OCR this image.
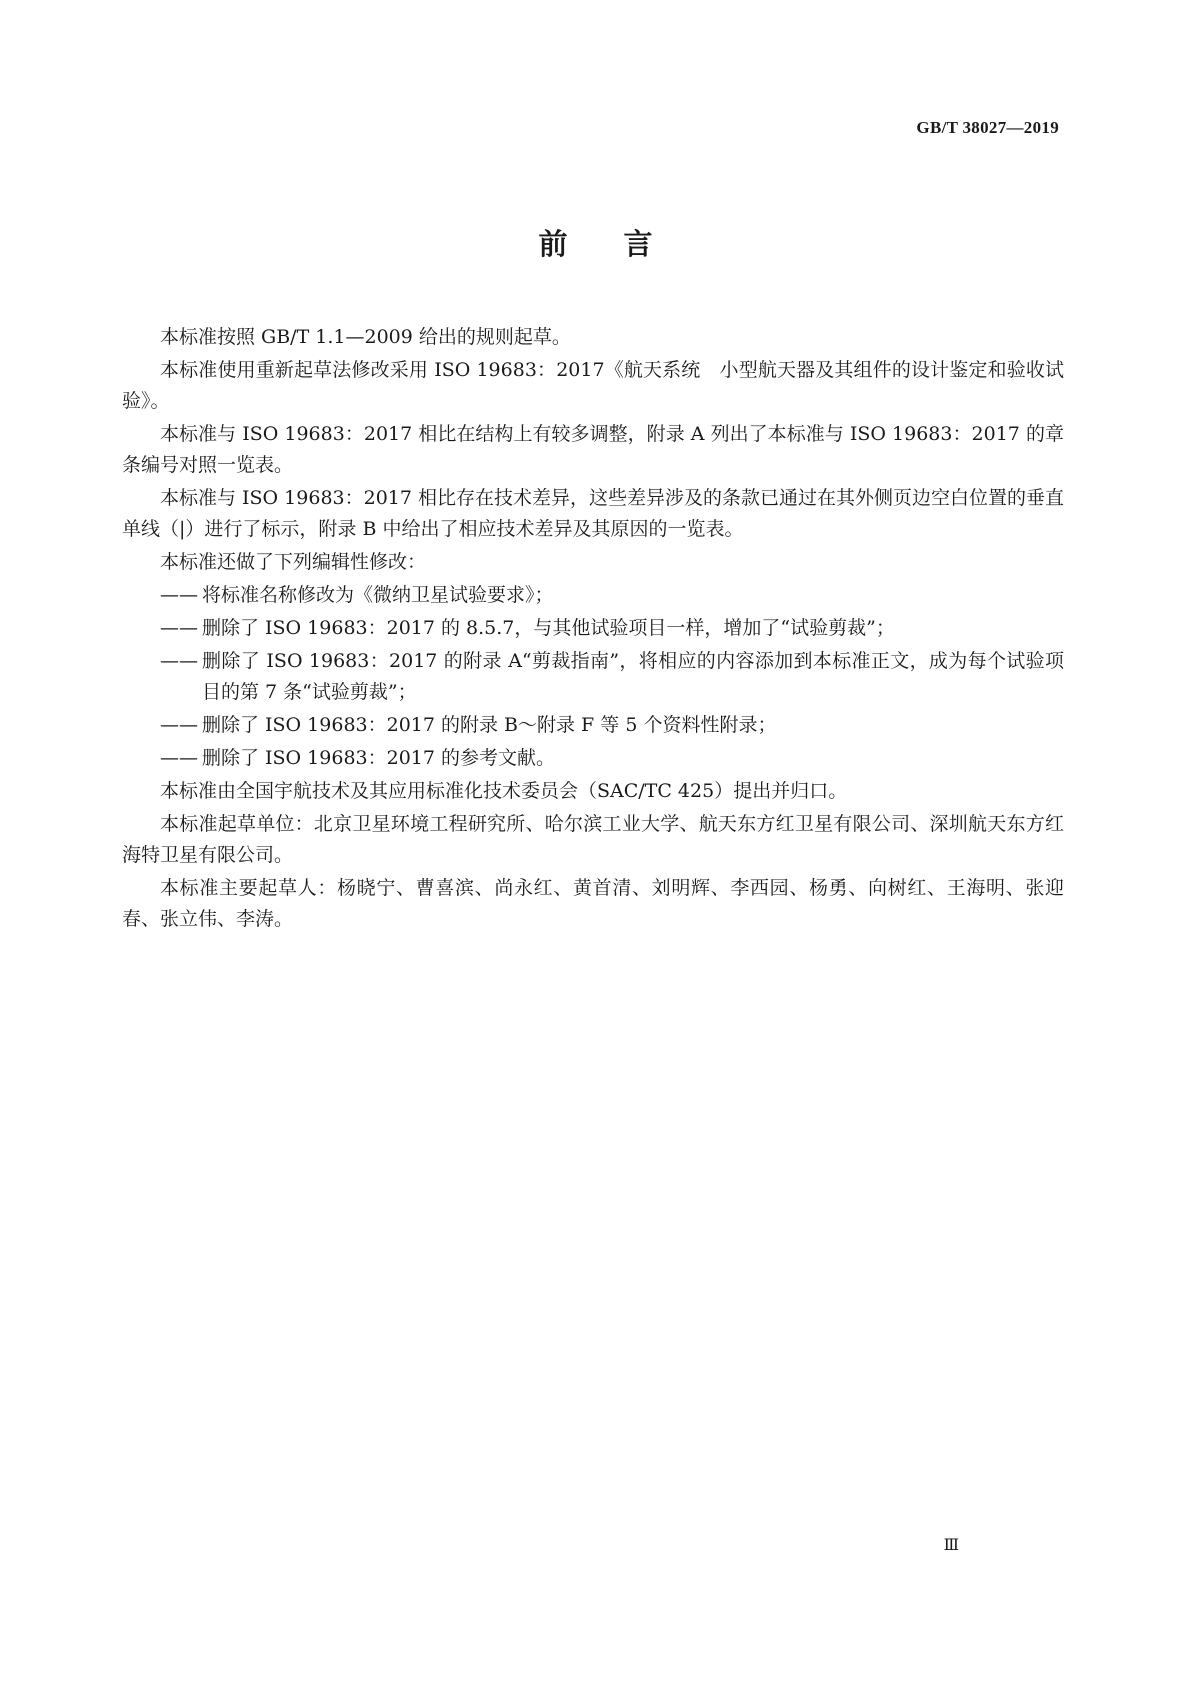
GB/T 38027—2019
前言

本标准按照 GB/T 1.1—2009 给出的规则起草。

本标准使用重新起草法修改采用 ISO 19683：2017《航天系统　小型航天器及其组件的设计鉴定和验收试验》。

本标准与 ISO 19683：2017 相比在结构上有较多调整，附录 A 列出了本标准与 ISO 19683：2017 的章条编号对照一览表。

本标准与 ISO 19683：2017 相比存在技术差异，这些差异涉及的条款已通过在其外侧页边空白位置的垂直单线（|）进行了标示，附录 B 中给出了相应技术差异及其原因的一览表。

本标准还做了下列编辑性修改：

—— 将标准名称修改为《微纳卫星试验要求》；

—— 删除了 ISO 19683：2017 的 8.5.7，与其他试验项目一样，增加了“试验剪裁”；

—— 删除了 ISO 19683：2017 的附录 A“剪裁指南”，将相应的内容添加到本标准正文，成为每个试验项目的第 7 条“试验剪裁”；

—— 删除了 ISO 19683：2017 的附录 B～附录 F 等 5 个资料性附录；

—— 删除了 ISO 19683：2017 的参考文献。

本标准由全国宇航技术及其应用标准化技术委员会（SAC/TC 425）提出并归口。

本标准起草单位：北京卫星环境工程研究所、哈尔滨工业大学、航天东方红卫星有限公司、深圳航天东方红海特卫星有限公司。

本标准主要起草人：杨晓宁、曹喜滨、尚永红、黄首清、刘明辉、李西园、杨勇、向树红、王海明、张迎春、张立伟、李涛。

Ⅲ
